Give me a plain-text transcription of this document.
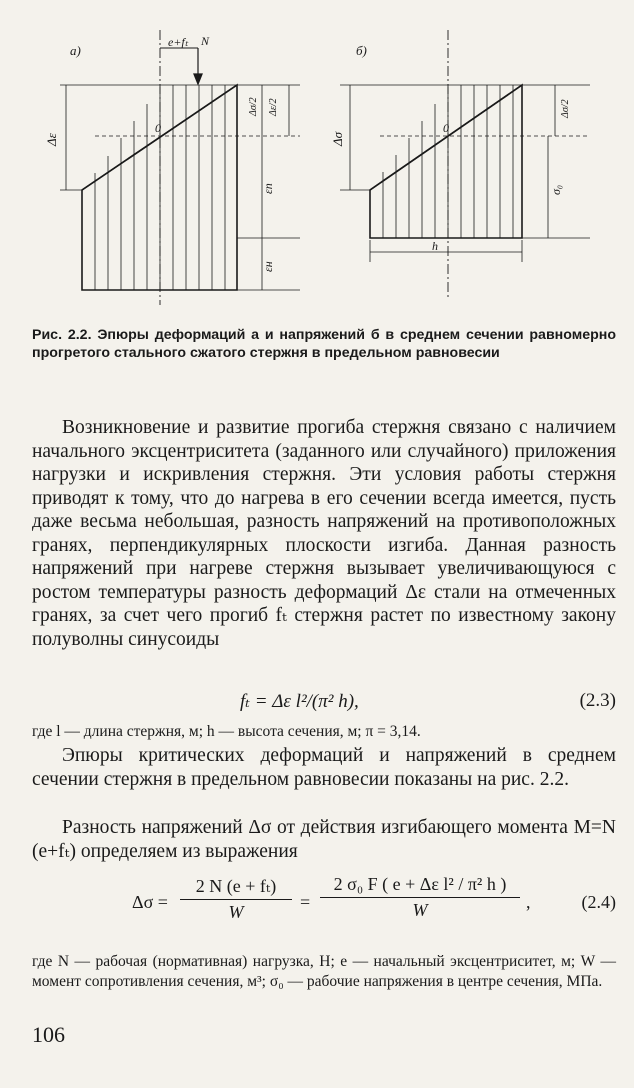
а)
e+fₜ N
0
Δε
Δε/2
Δσ/2
εп
εн
б)
0
Δσ
Δσ/2
σ₀
h
Рис. 2.2. Эпюры деформаций а и напряжений б в среднем сечении равномерно прогретого стального сжатого стержня в предельном равновесии
Возникновение и развитие прогиба стержня связано с наличием начального эксцентриситета (заданного или случайного) приложения нагрузки и искривления стержня. Эти условия работы стержня приводят к тому, что до нагрева в его сечении всегда имеется, пусть даже весьма небольшая, разность напряжений на противоположных гранях, перпендикулярных плоскости изгиба. Данная разность напряжений при нагреве стержня вызывает увеличивающуюся с ростом температуры разность деформаций Δε стали на отмеченных гранях, за счет чего прогиб fₜ стержня растет по известному закону полуволны синусоиды
fₜ = Δε l²/(π² h),	(2.3)
где l — длина стержня, м; h — высота сечения, м; π = 3,14.
Эпюры критических деформаций и напряжений в среднем сечении стержня в предельном равновесии показаны на рис. 2.2.
Разность напряжений Δσ от действия изгибающего момента M=N (e+fₜ) определяем из выражения
$\Delta\sigma = \frac{\text{2 N (e + fₜ)}}{W} = \frac{\text{2 σ₀ F ( e + Δε l² / π² h )}}{W}$ ,	(2.4)
где N — рабочая (нормативная) нагрузка, Н; e — начальный эксцентриситет, м; W — момент сопротивления сечения, м³; σ₀ — рабочие напряжения в центре сечения, МПа.
106
